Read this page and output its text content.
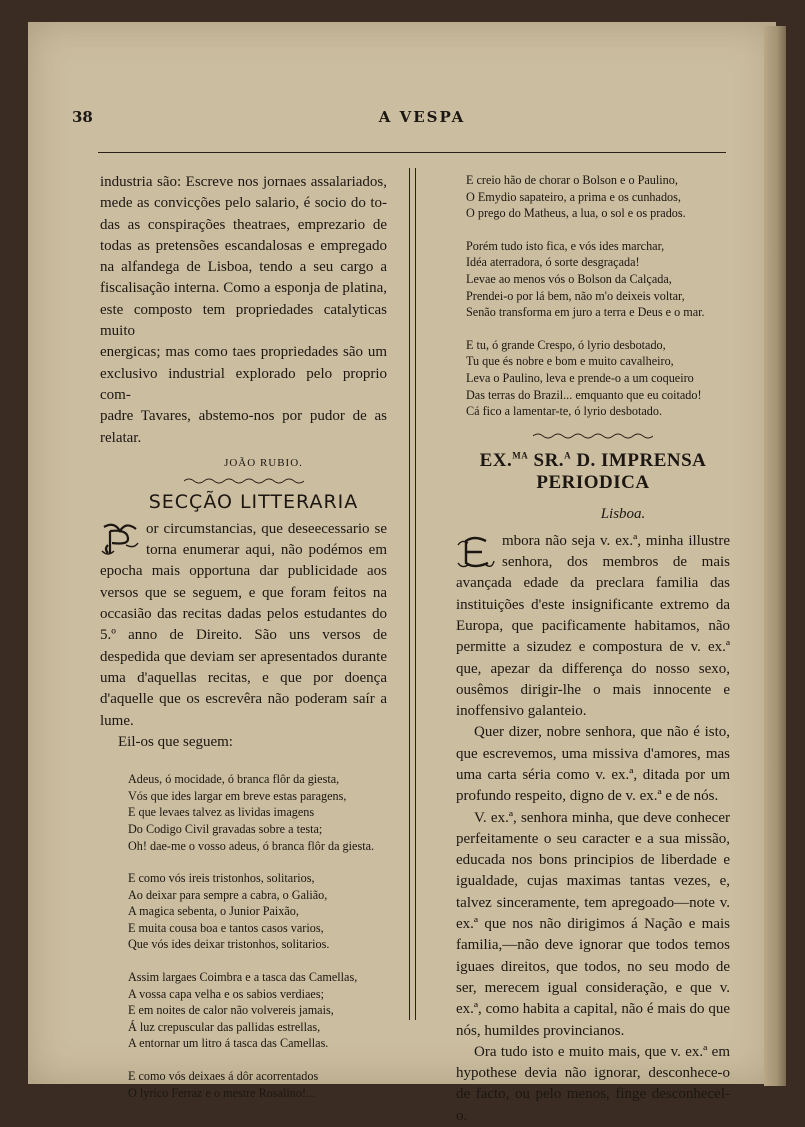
38	A VESPA
industria são: Escreve nos jornaes assalariados,
mede as convicções pelo salario, é socio do to-
das as conspirações theatraes, emprezario de
todas as pretensões escandalosas e empregado
na alfandega de Lisboa, tendo a seu cargo a
fiscalisação interna. Como a esponja de platina,
este composto tem propriedades catalyticas muito
energicas; mas como taes propriedades são um
exclusivo industrial explorado pelo proprio com-
padre Tavares, abstemo-nos por pudor de as
relatar.
JOÃO RUBIO.
SECÇÃO LITTERARIA

or circumstancias, que deseecessario se torna enumerar aqui, não podémos em epocha mais opportuna dar publicidade aos versos que se seguem, e que foram feitos na occasião das recitas dadas pelos estudantes do 5.º anno de Direito. São uns versos de despedida que deviam ser apresentados durante uma d'aquellas recitas, e que por doença d'aquelle que os escrevêra não poderam saír a lume.

Eil-os que seguem:

Adeus, ó mocidade, ó branca flôr da giesta,
Vós que ides largar em breve estas paragens,
E que levaes talvez as lividas imagens
Do Codigo Civil gravadas sobre a testa;
Oh! dae-me o vosso adeus, ó branca flôr da giesta.
E como vós ireis tristonhos, solitarios,
Ao deixar para sempre a cabra, o Galião,
A magica sebenta, o Junior Paixão,
E muita cousa boa e tantos casos varios,
Que vós ides deixar tristonhos, solitarios.
Assim largaes Coimbra e a tasca das Camellas,
A vossa capa velha e os sabios verdiaes;
E em noites de calor não volvereis jamais,
Á luz crepuscular das pallidas estrellas,
A entornar um litro á tasca das Camellas.
E como vós deixaes á dôr acorrentados
O lyrico Ferraz e o mestre Rosalino!...
E creio hão de chorar o Bolson e o Paulino,
O Emydio sapateiro, a prima e os cunhados,
O prego do Matheus, a lua, o sol e os prados.
Porém tudo isto fica, e vós ides marchar,
Idéa aterradora, ó sorte desgraçada!
Levae ao menos vós o Bolson da Calçada,
Prendei-o por lá bem, não m'o deixeis voltar,
Senão transforma em juro a terra e Deus e o mar.
E tu, ó grande Crespo, ó lyrio desbotado,
Tu que és nobre e bom e muito cavalheiro,
Leva o Paulino, leva e prende-o a um coqueiro
Das terras do Brazil... emquanto que eu coitado!
Cá fico a lamentar-te, ó lyrio desbotado.
EX.$^{MA}$ SR.$^A$ D. IMPRENSA PERIODICA
Lisboa.

mbora não seja v. ex.ª, minha illustre senhora, dos membros de mais avançada edade da preclara familia das instituições d'este insignificante extremo da Europa, que pacificamente habitamos, não permitte a sizudez e compostura de v. ex.ª que, apezar da differença do nosso sexo, ousêmos dirigir-lhe o mais innocente e inoffensivo galanteio.

Quer dizer, nobre senhora, que não é isto, que escrevemos, uma missiva d'amores, mas uma carta séria como v. ex.ª, ditada por um profundo respeito, digno de v. ex.ª e de nós.

V. ex.ª, senhora minha, que deve conhecer perfeitamente o seu caracter e a sua missão, educada nos bons principios de liberdade e igualdade, cujas maximas tantas vezes, e, talvez sinceramente, tem apregoado—note v. ex.ª que nos não dirigimos á Nação e mais familia,—não deve ignorar que todos temos iguaes direitos, que todos, no seu modo de ser, merecem igual consideração, e que v. ex.ª, como habita a capital, não é mais do que nós, humildes provincianos.

Ora tudo isto e muito mais, que v. ex.ª em hypothese devia não ignorar, desconhece-o de facto, ou pelo menos, finge desconhecel-o.
